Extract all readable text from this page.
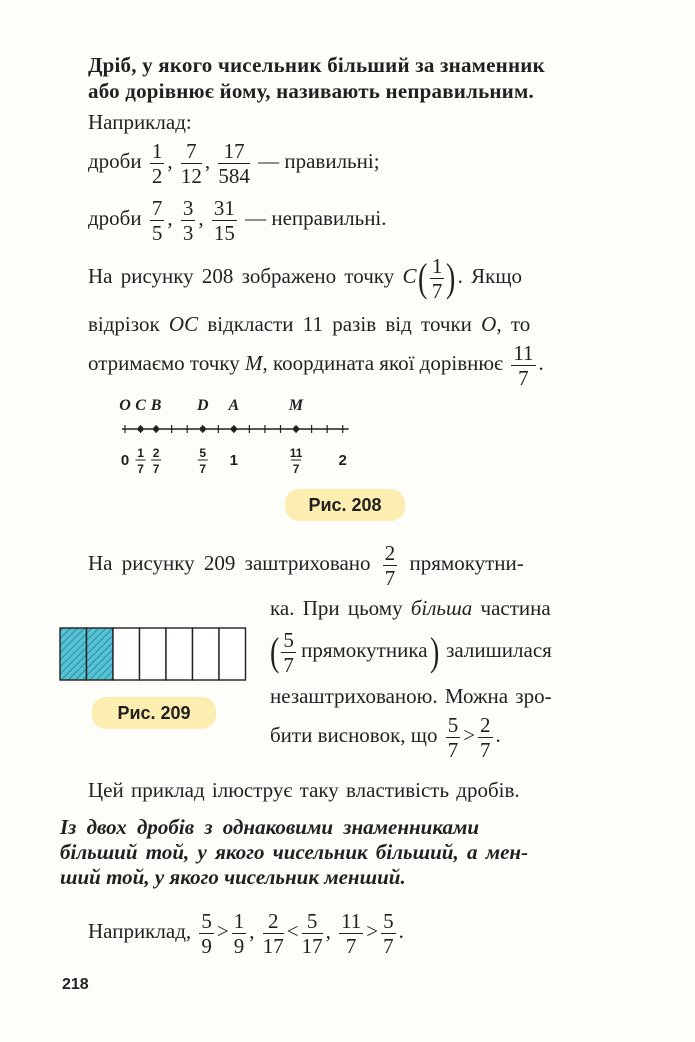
Дріб, у якого чисельник більший за знаменник
або дорівнює йому, називають неправильним.
Наприклад:
дроби $\frac{1}{2}$ , $\frac{7}{12}$ , $\frac{17}{584}$ — правильні;
дроби $\frac{7}{5}$ , $\frac{3}{3}$ , $\frac{31}{15}$ — неправильні.
На рисунку 208 зображено точку $C( \frac{1}{7}$ ). Якщо
відрізок OC відкласти 11 разів від точки O, то
отримаємо точку M, координата якої дорівнює $\frac{11}{7}$ .
O C B D A	M
0 1
7
2
7
5
7 1	11
7	2
Рис. 208
На рисунку 209 заштриховано $\frac{2}{7}$ прямокутни-
ка. При цьому більша частина
( $\frac{5}{7}$ прямокутника) залишилася
незаштрихованою. Можна зро-
бити висновок, що $\frac{5}{7} > \frac{2}{7}$ .
Рис. 209
Цей приклад ілюструє таку властивість дробів.
Із двох дробів з однаковими знаменниками
більший той, у якого чисельник більший, а мен-
ший той, у якого чисельник менший.
Наприклад, $\frac{5}{9} > \frac{1}{9}$ , $\frac{2}{17} < \frac{5}{17}$ , $\frac{11}{7} > \frac{5}{7}$ .
218
